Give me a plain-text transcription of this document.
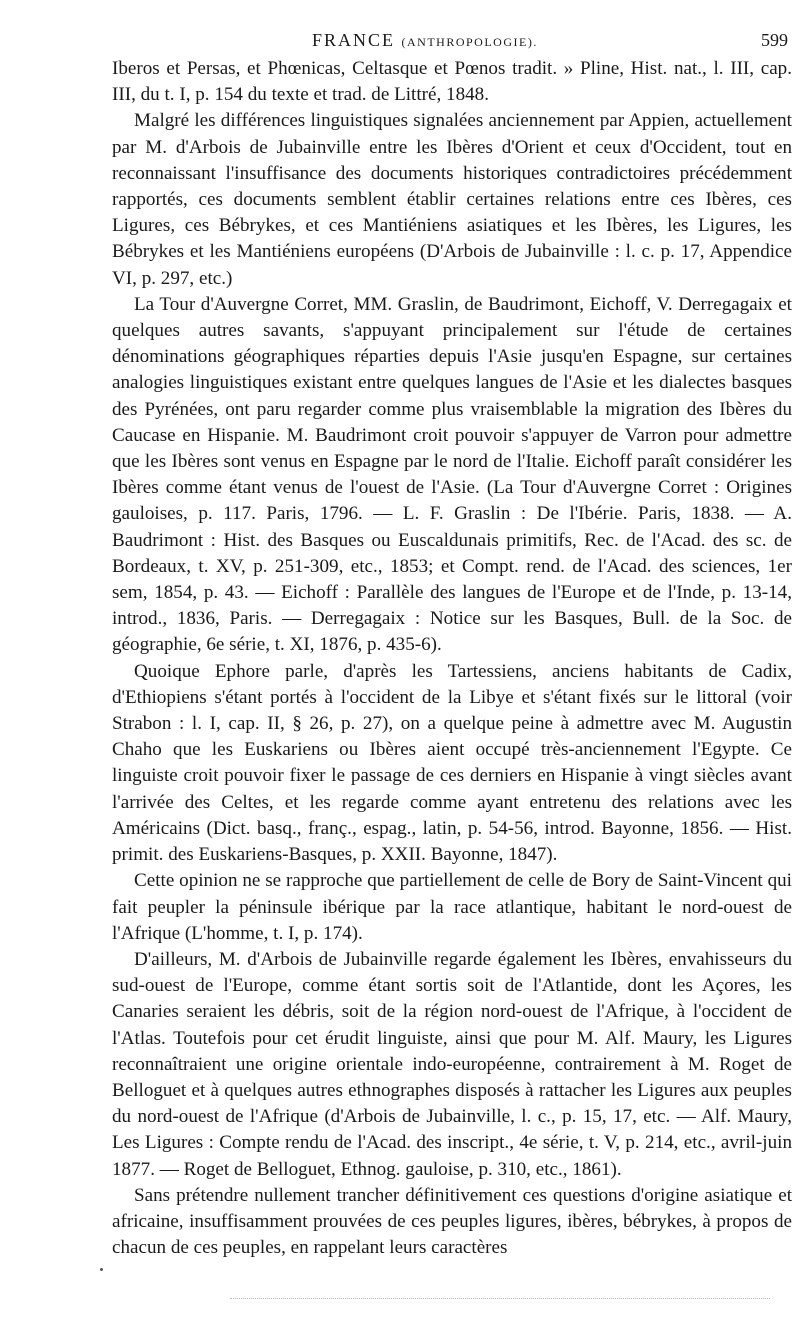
FRANCE (ANTHROPOLOGIE).	599

Iberos et Persas, et Phœnicas, Celtasque et Pœnos tradit. » Pline, Hist. nat., l. III, cap. III, du t. I, p. 154 du texte et trad. de Littré, 1848.

Malgré les différences linguistiques signalées anciennement par Appien, actuellement par M. d'Arbois de Jubainville entre les Ibères d'Orient et ceux d'Occident, tout en reconnaissant l'insuffisance des documents historiques contradictoires précédemment rapportés, ces documents semblent établir certaines relations entre ces Ibères, ces Ligures, ces Bébrykes, et ces Mantiéniens asiatiques et les Ibères, les Ligures, les Bébrykes et les Mantiéniens européens (D'Arbois de Jubainville : l. c. p. 17, Appendice VI, p. 297, etc.)

La Tour d'Auvergne Corret, MM. Graslin, de Baudrimont, Eichoff, V. Derregagaix et quelques autres savants, s'appuyant principalement sur l'étude de certaines dénominations géographiques réparties depuis l'Asie jusqu'en Espagne, sur certaines analogies linguistiques existant entre quelques langues de l'Asie et les dialectes basques des Pyrénées, ont paru regarder comme plus vraisemblable la migration des Ibères du Caucase en Hispanie. M. Baudrimont croit pouvoir s'appuyer de Varron pour admettre que les Ibères sont venus en Espagne par le nord de l'Italie. Eichoff paraît considérer les Ibères comme étant venus de l'ouest de l'Asie. (La Tour d'Auvergne Corret : Origines gauloises, p. 117. Paris, 1796. — L. F. Graslin : De l'Ibérie. Paris, 1838. — A. Baudrimont : Hist. des Basques ou Euscaldunais primitifs, Rec. de l'Acad. des sc. de Bordeaux, t. XV, p. 251-309, etc., 1853; et Compt. rend. de l'Acad. des sciences, 1er sem, 1854, p. 43. — Eichoff : Parallèle des langues de l'Europe et de l'Inde, p. 13-14, introd., 1836, Paris. — Derregagaix : Notice sur les Basques, Bull. de la Soc. de géographie, 6e série, t. XI, 1876, p. 435-6).

Quoique Ephore parle, d'après les Tartessiens, anciens habitants de Cadix, d'Ethiopiens s'étant portés à l'occident de la Libye et s'étant fixés sur le littoral (voir Strabon : l. I, cap. II, § 26, p. 27), on a quelque peine à admettre avec M. Augustin Chaho que les Euskariens ou Ibères aient occupé très-anciennement l'Egypte. Ce linguiste croit pouvoir fixer le passage de ces derniers en Hispanie à vingt siècles avant l'arrivée des Celtes, et les regarde comme ayant entretenu des relations avec les Américains (Dict. basq., franç., espag., latin, p. 54-56, introd. Bayonne, 1856. — Hist. primit. des Euskariens-Basques, p. XXII. Bayonne, 1847).

Cette opinion ne se rapproche que partiellement de celle de Bory de Saint-Vincent qui fait peupler la péninsule ibérique par la race atlantique, habitant le nord-ouest de l'Afrique (L'homme, t. I, p. 174).

D'ailleurs, M. d'Arbois de Jubainville regarde également les Ibères, envahisseurs du sud-ouest de l'Europe, comme étant sortis soit de l'Atlantide, dont les Açores, les Canaries seraient les débris, soit de la région nord-ouest de l'Afrique, à l'occident de l'Atlas. Toutefois pour cet érudit linguiste, ainsi que pour M. Alf. Maury, les Ligures reconnaîtraient une origine orientale indo-européenne, contrairement à M. Roget de Belloguet et à quelques autres ethnographes disposés à rattacher les Ligures aux peuples du nord-ouest de l'Afrique (d'Arbois de Jubainville, l. c., p. 15, 17, etc. — Alf. Maury, Les Ligures : Compte rendu de l'Acad. des inscript., 4e série, t. V, p. 214, etc., avril-juin 1877. — Roget de Belloguet, Ethnog. gauloise, p. 310, etc., 1861).

Sans prétendre nullement trancher définitivement ces questions d'origine asiatique et africaine, insuffisamment prouvées de ces peuples ligures, ibères, bébrykes, à propos de chacun de ces peuples, en rappelant leurs caractères
